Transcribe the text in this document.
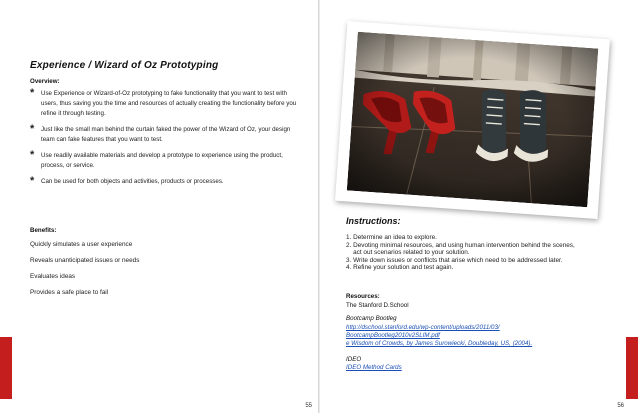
Experience / Wizard of Oz Prototyping
Overview:
* Use Experience or Wizard-of-Oz prototyping to fake functionality that you want to test with users, thus saving you the time and resources of actually creating the functionality before you refine it through testing.
* Just like the small man behind the curtain faked the power of the Wizard of Oz, your design team can fake features that you want to test.
* Use readily available materials and develop a prototype to experience using the product, process, or service.
* Can be used for both objects and activities, products or processes.
Benefits:
Quickly simulates a user experience
Reveals unanticipated issues or needs
Evaluates ideas
Provides a safe place to fail
55	56
Instructions:
1. Determine an idea to explore.
2. Devoting minimal resources, and using human intervention behind the scenes,
act out scenarios related to your solution.
3. Write down issues or conflicts that arise which need to be addressed later.
4. Refine your solution and test again.
Resources:
The Stanford D.School
Bootcamp Bootleg
http://dschool.stanford.edu/wp-content/uploads/2011/03/
BootcampBootleg2010v2SLIM.pdf
e Wisdom of Crowds, by James Surowiecki, Doubleday, US, (2004).
IDEO
IDEO Method Cards
